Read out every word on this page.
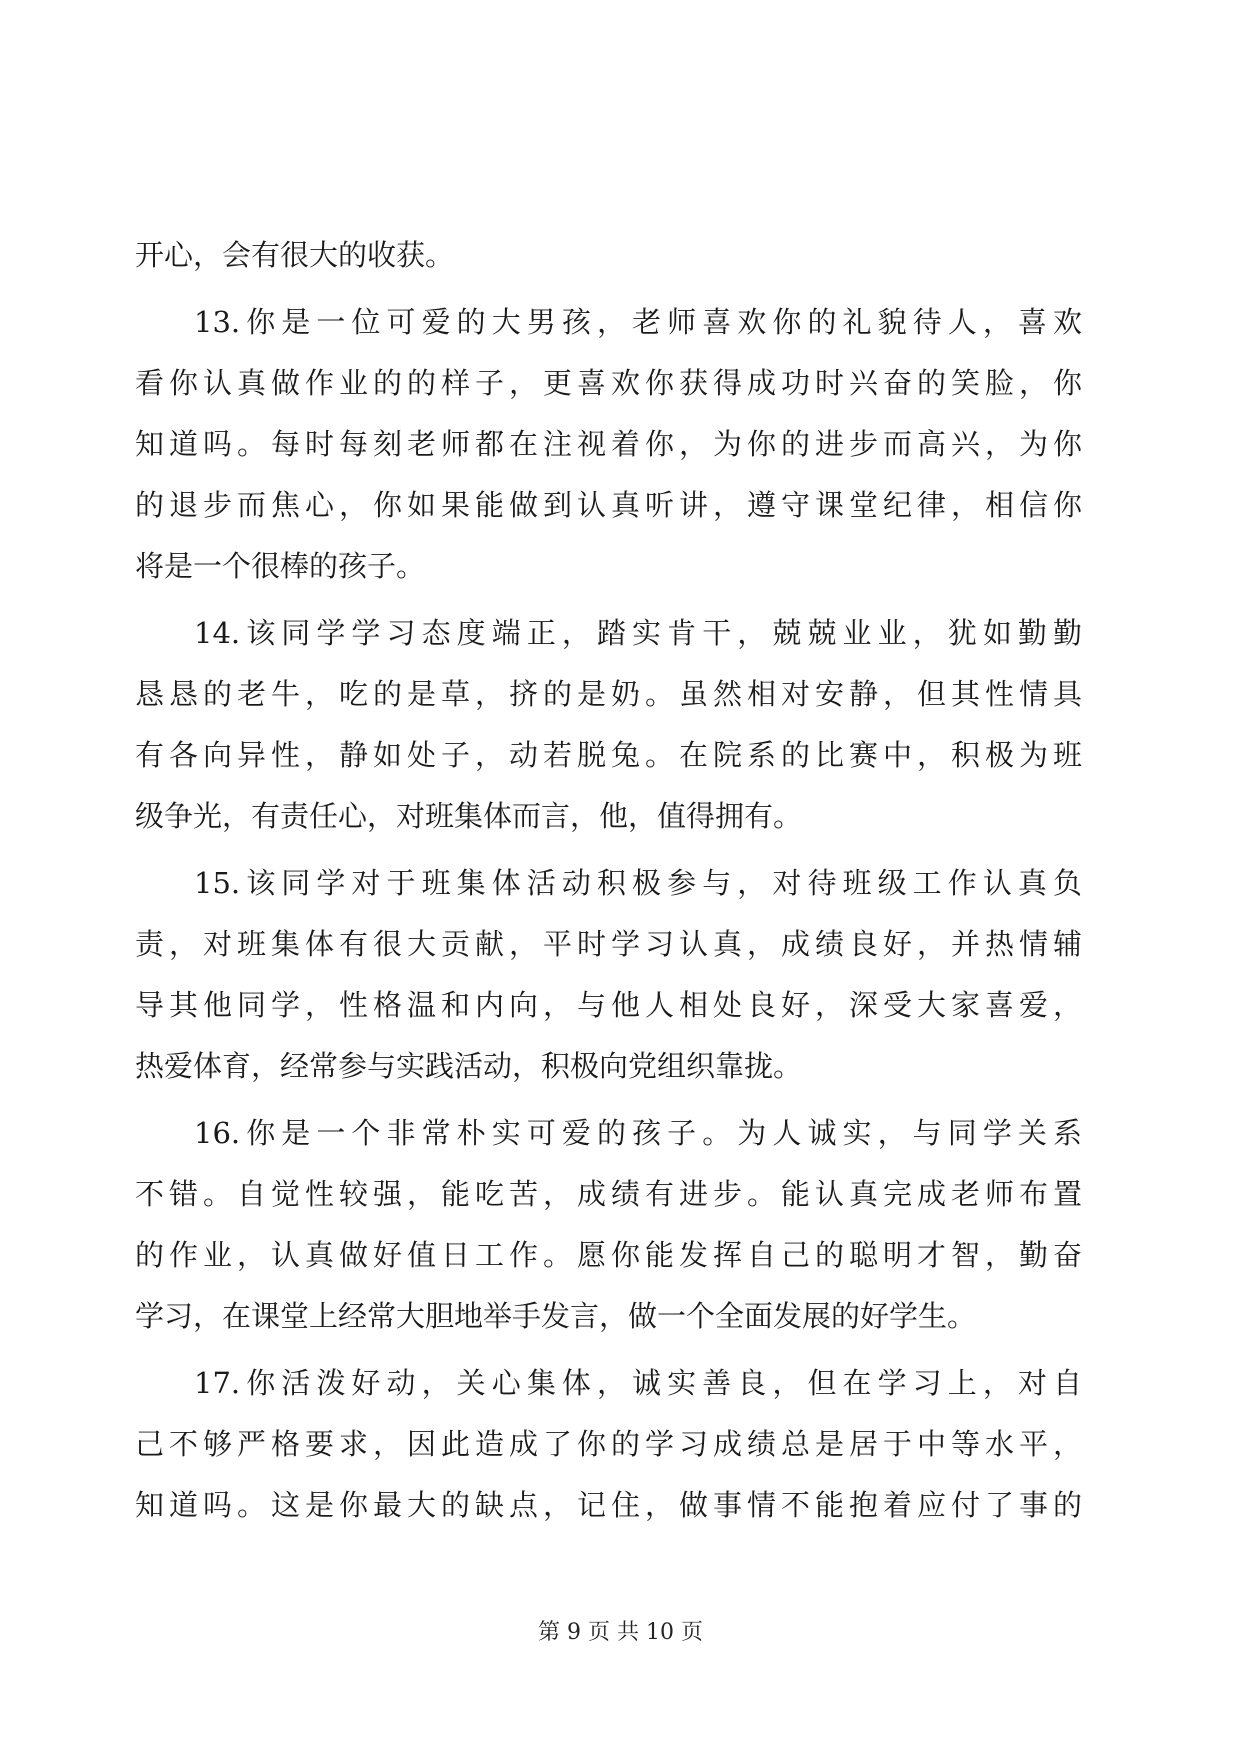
开心，会有很大的收获。
13.你是一位可爱的大男孩，老师喜欢你的礼貌待人，喜欢
看你认真做作业的的样子，更喜欢你获得成功时兴奋的笑脸，你
知道吗。每时每刻老师都在注视着你，为你的进步而高兴，为你
的退步而焦心，你如果能做到认真听讲，遵守课堂纪律，相信你
将是一个很棒的孩子。
14.该同学学习态度端正，踏实肯干，兢兢业业，犹如勤勤
恳恳的老牛，吃的是草，挤的是奶。虽然相对安静，但其性情具
有各向异性，静如处子，动若脱兔。在院系的比赛中，积极为班
级争光，有责任心，对班集体而言，他，值得拥有。
15.该同学对于班集体活动积极参与，对待班级工作认真负
责，对班集体有很大贡献，平时学习认真，成绩良好，并热情辅
导其他同学，性格温和内向，与他人相处良好，深受大家喜爱，
热爱体育，经常参与实践活动，积极向党组织靠拢。
16.你是一个非常朴实可爱的孩子。为人诚实，与同学关系
不错。自觉性较强，能吃苦，成绩有进步。能认真完成老师布置
的作业，认真做好值日工作。愿你能发挥自己的聪明才智，勤奋
学习，在课堂上经常大胆地举手发言，做一个全面发展的好学生。
17.你活泼好动，关心集体，诚实善良，但在学习上，对自
己不够严格要求，因此造成了你的学习成绩总是居于中等水平，
知道吗。这是你最大的缺点，记住，做事情不能抱着应付了事的
第 9 页 共 10 页
